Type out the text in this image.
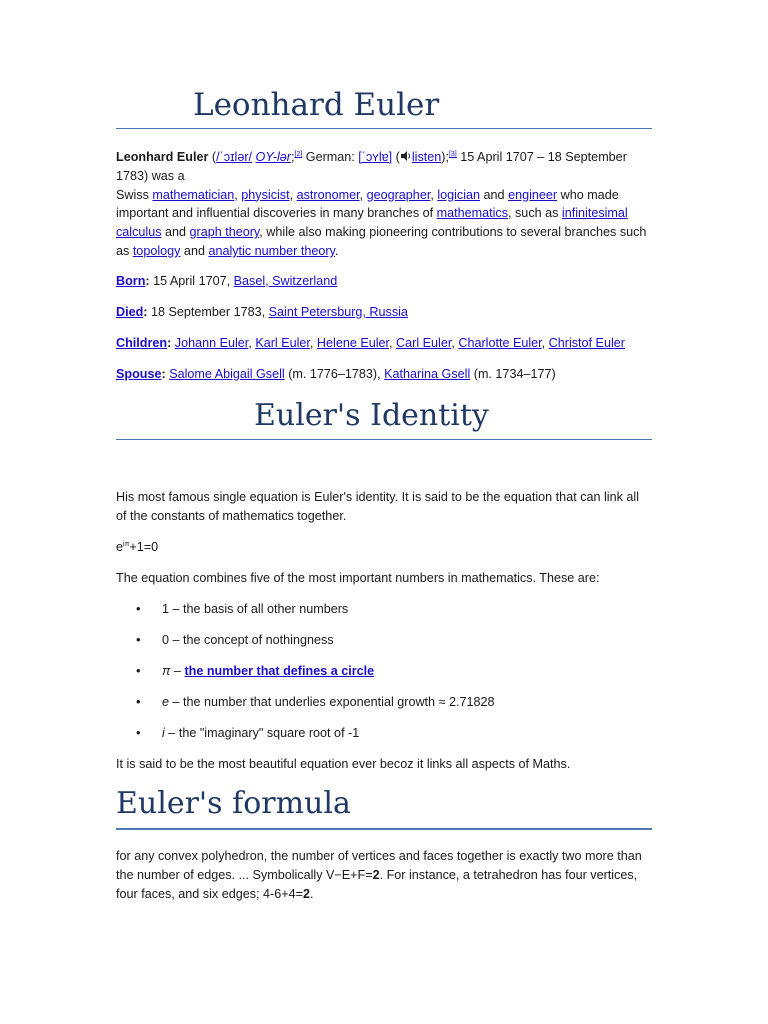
Leonhard Euler

Leonhard Euler (/ˈɔɪlər/ OY-lər;[2] German: [ˈɔʏlɐ] ( listen);[3] 15 April 1707 – 18 September 1783) was a
Swiss mathematician, physicist, astronomer, geographer, logician and engineer who made important and influential discoveries in many branches of mathematics, such as infinitesimal calculus and graph theory, while also making pioneering contributions to several branches such as topology and analytic number theory.

Born: 15 April 1707, Basel, Switzerland

Died: 18 September 1783, Saint Petersburg, Russia

Children: Johann Euler, Karl Euler, Helene Euler, Carl Euler, Charlotte Euler, Christof Euler

Spouse: Salome Abigail Gsell (m. 1776–1783), Katharina Gsell (m. 1734–177)

Euler's Identity

His most famous single equation is Euler's identity. It is said to be the equation that can link all of the constants of mathematics together.

$e^{i\pi}+1=0$

The equation combines five of the most important numbers in mathematics. These are:

• 1 – the basis of all other numbers
• 0 – the concept of nothingness
• π – the number that defines a circle
• e – the number that underlies exponential growth ≈ 2.71828
• i – the "imaginary" square root of -1

It is said to be the most beautiful equation ever becoz it links all aspects of Maths.

Euler's formula

for any convex polyhedron, the number of vertices and faces together is exactly two more than the number of edges. ... Symbolically V−E+F=2. For instance, a tetrahedron has four vertices, four faces, and six edges; 4-6+4=2.
